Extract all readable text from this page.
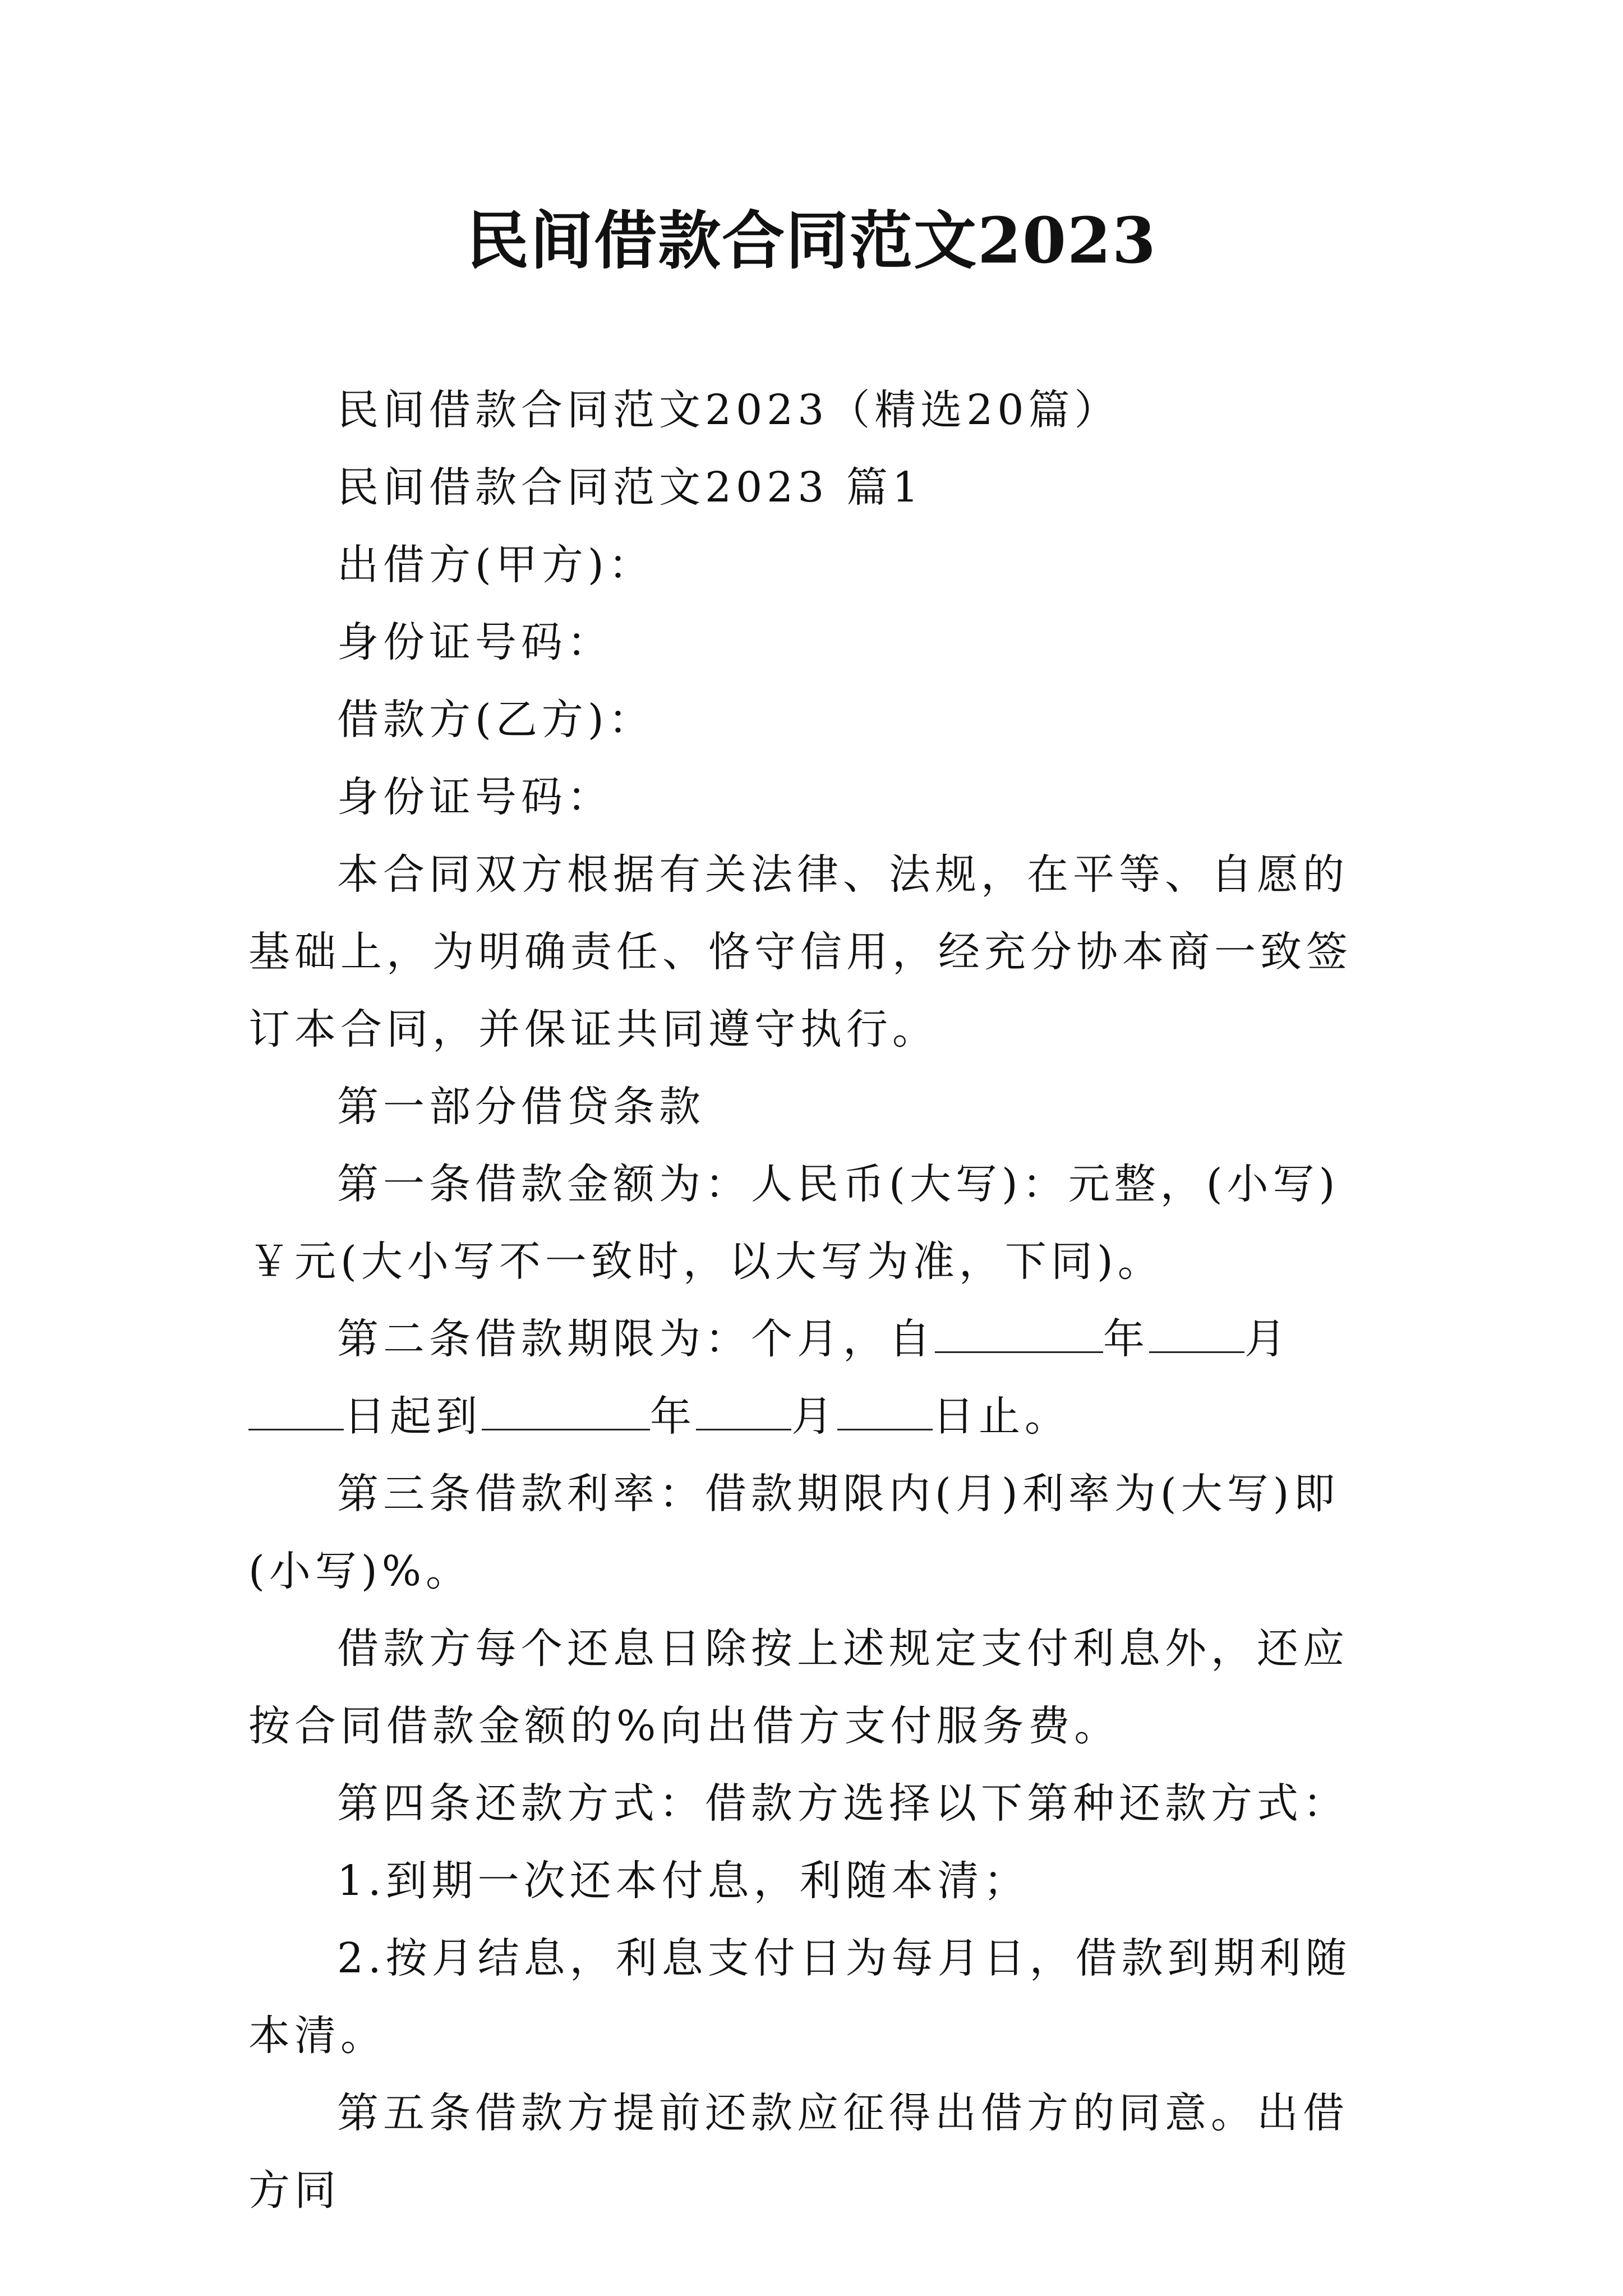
民间借款合同范文2023

民间借款合同范文2023（精选20篇）

民间借款合同范文2023 篇1

出借方(甲方)：

身份证号码：

借款方(乙方)：

身份证号码：

本合同双方根据有关法律、法规，在平等、自愿的基础上，为明确责任、恪守信用，经充分协本商一致签订本合同，并保证共同遵守执行。

第一部分借贷条款

第一条借款金额为：人民币(大写)：元整，(小写)￥元(大小写不一致时，以大写为准，下同)。

第二条借款期限为：个月，自	年 月日起到	年 月 日止。

第三条借款利率：借款期限内(月)利率为(大写)即(小写)%。

借款方每个还息日除按上述规定支付利息外，还应按合同借款金额的%向出借方支付服务费。

第四条还款方式：借款方选择以下第种还款方式：

1.到期一次还本付息，利随本清；

2.按月结息，利息支付日为每月日，借款到期利随本清。

第五条借款方提前还款应征得出借方的同意。出借方同
